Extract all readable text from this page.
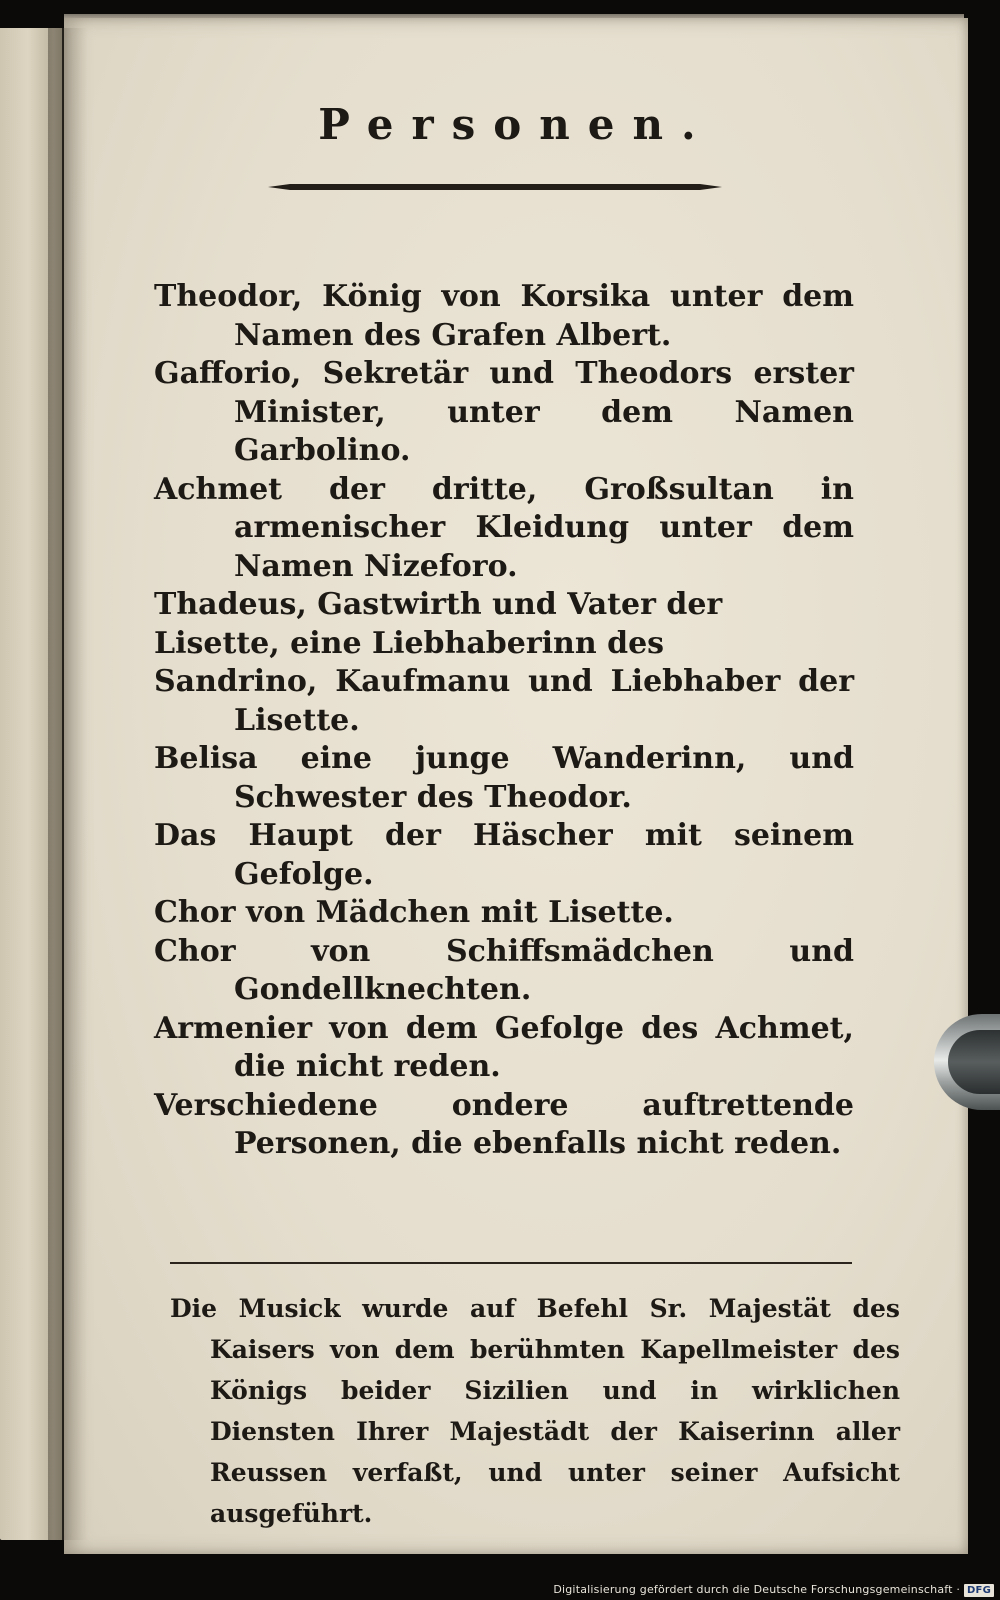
Personen.
Theodor, König von Korsika unter dem Namen des Grafen Albert.
Gafforio, Sekretär und Theodors erster Minister, unter dem Namen Garbolino.
Achmet der dritte, Großsultan in armenischer Kleidung unter dem Namen Nizeforo.
Thadeus, Gastwirth und Vater der
Lisette, eine Liebhaberinn des
Sandrino, Kaufmanu und Liebhaber der Lisette.
Belisa eine junge Wanderinn, und Schwester des Theodor.
Das Haupt der Häscher mit seinem Gefolge.
Chor von Mädchen mit Lisette.
Chor von Schiffsmädchen und Gondellknechten.
Armenier von dem Gefolge des Achmet, die nicht reden.
Verschiedene ondere auftrettende Personen, die ebenfalls nicht reden.

Die Musick wurde auf Befehl Sr. Majestät des Kaisers von dem berühmten Kapellmeister des Königs beider Sizilien und in wirklichen Diensten Ihrer Majestädt der Kaiserinn aller Reussen verfaßt, und unter seiner Aufsicht ausgeführt.

Digitalisierung gefördert durch die Deutsche Forschungsgemeinschaft · DFG
